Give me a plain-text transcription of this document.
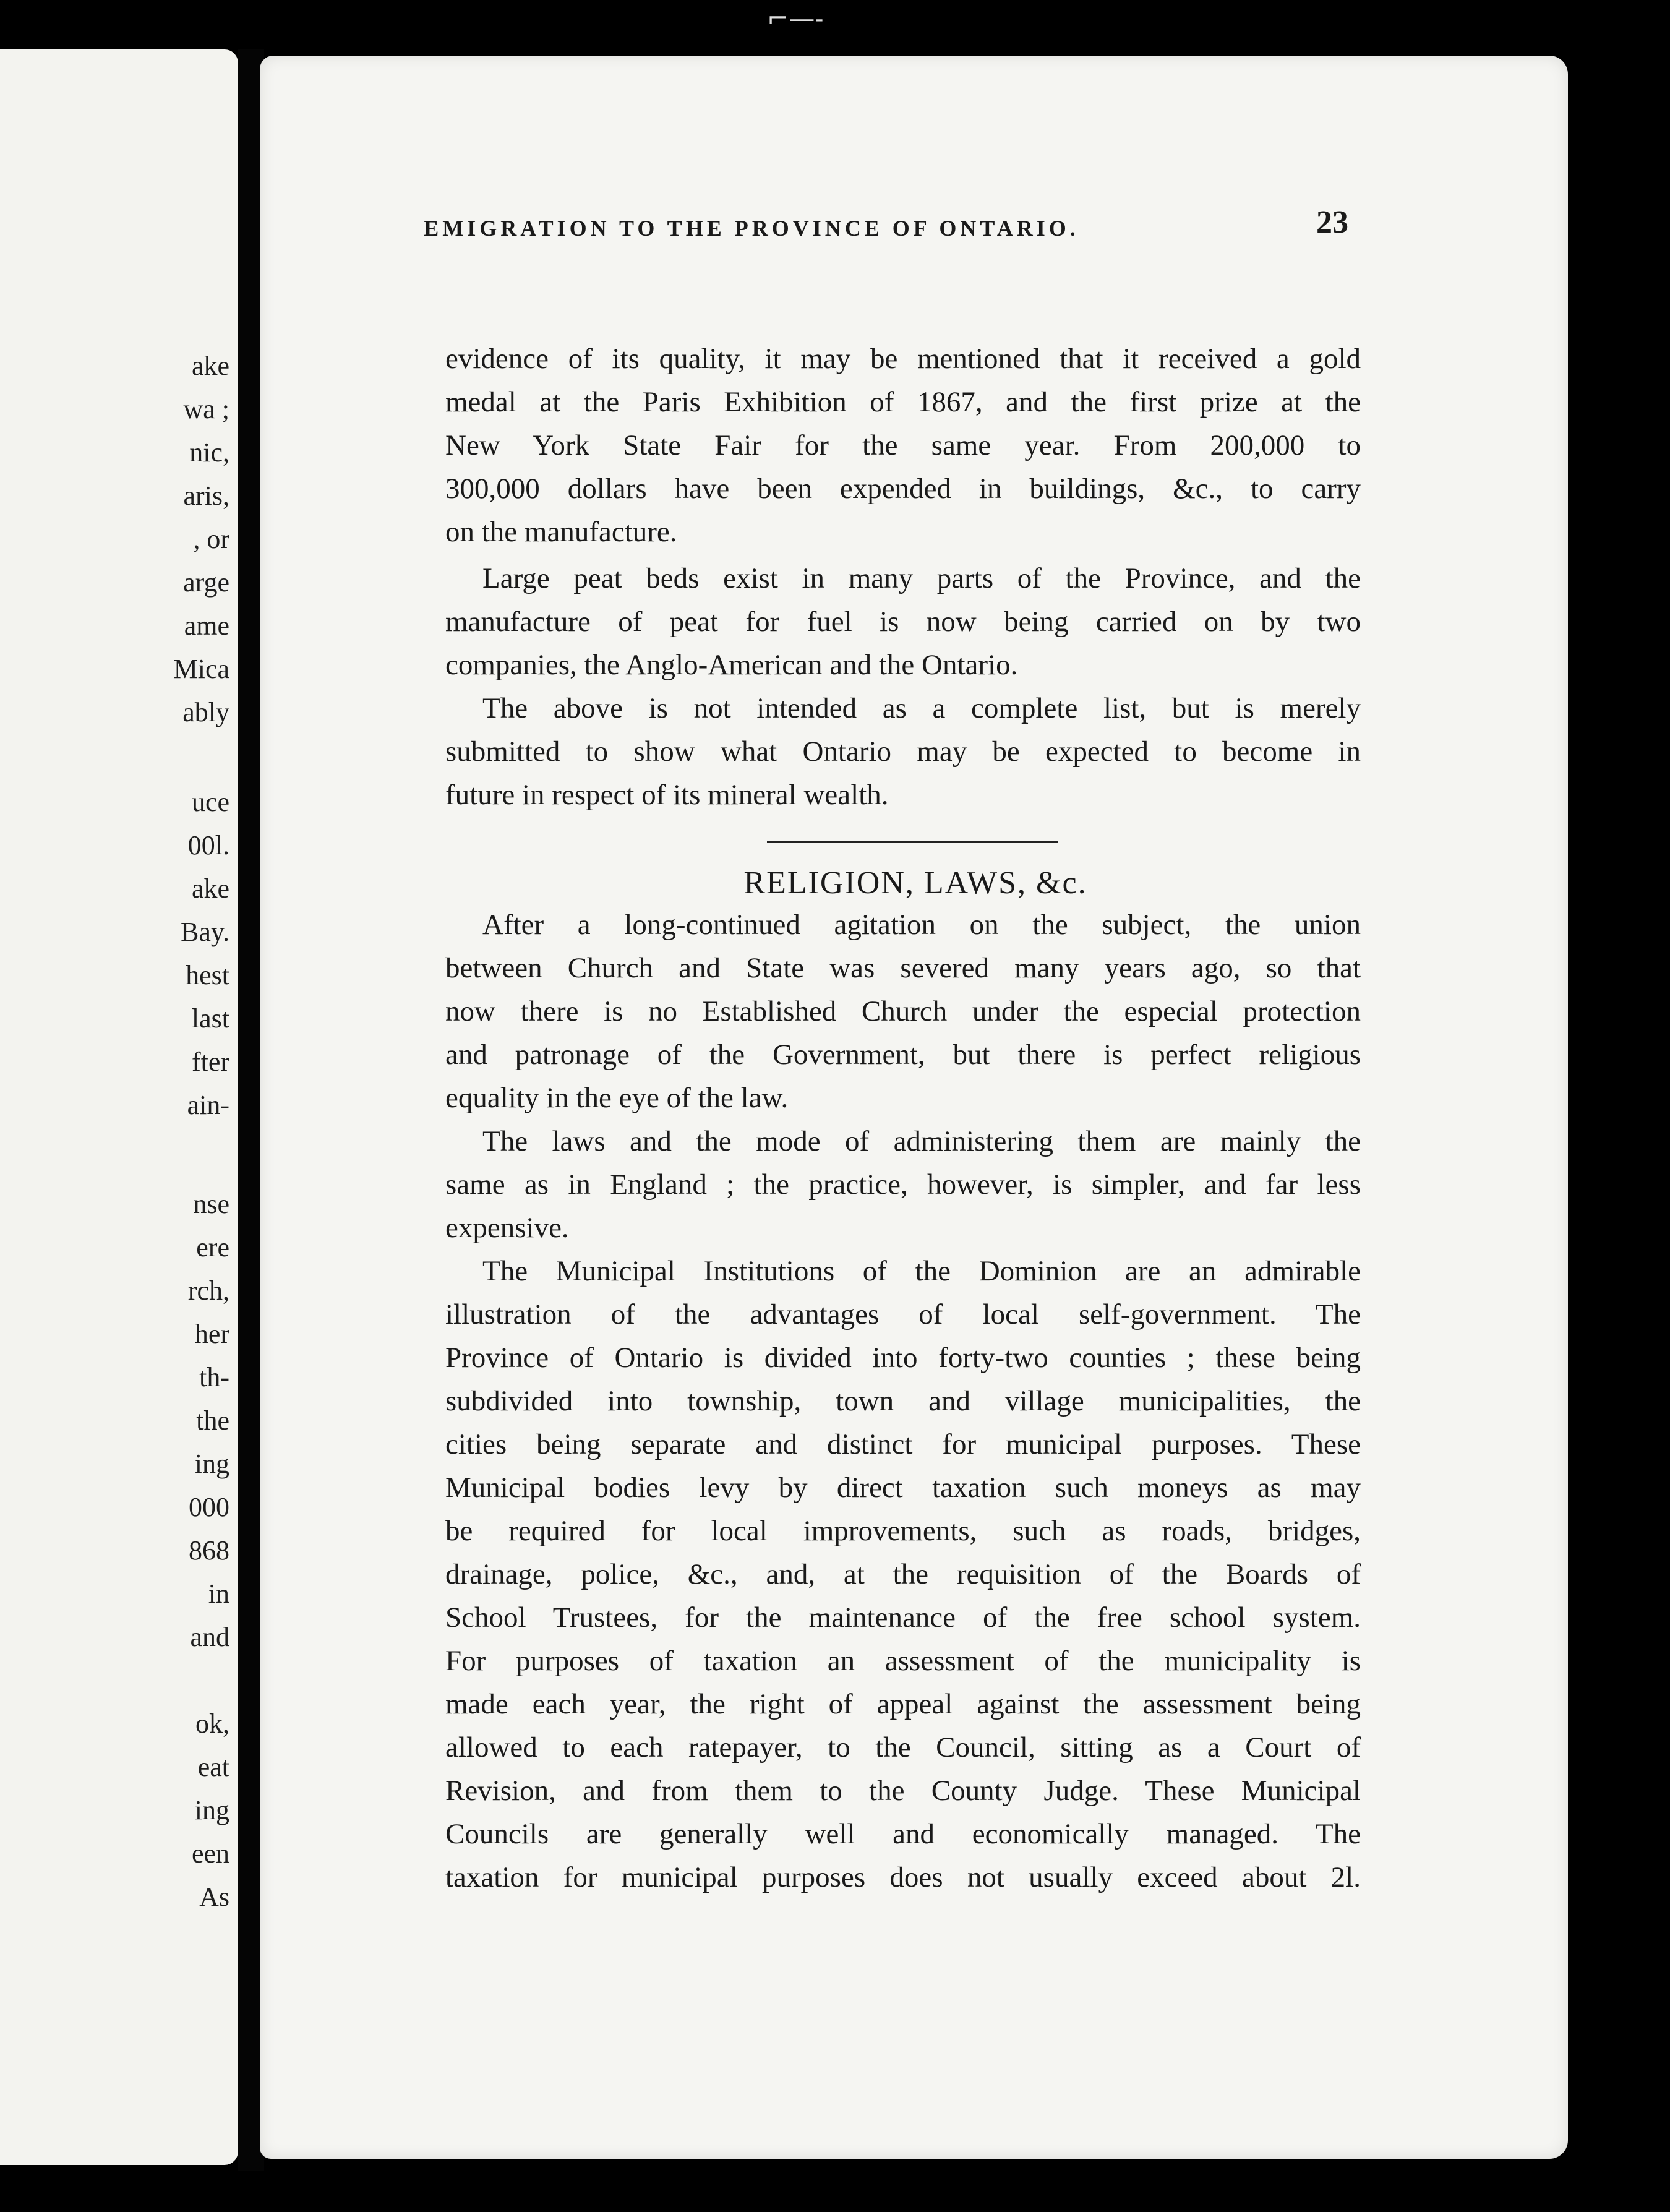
⌐—‑

ake

wa ;

nic,

aris,

, or

arge

ame

Mica

ably

uce

00l.

ake

Bay.

hest

last

fter

ain-

nse

ere

rch,

her

th-

the

ing

000

868

in

and

ok,

eat

ing

een

As

EMIGRATION TO THE PROVINCE OF ONTARIO.	23

evidence of its quality, it may be mentioned that it received a gold

medal at the Paris Exhibition of 1867, and the first prize at the

New York State Fair for the same year. From 200,000 to

300,000 dollars have been expended in buildings, &c., to carry

on the manufacture.

Large peat beds exist in many parts of the Province, and the

manufacture of peat for fuel is now being carried on by two

companies, the Anglo-American and the Ontario.

The above is not intended as a complete list, but is merely

submitted to show what Ontario may be expected to become in

future in respect of its mineral wealth.

RELIGION, LAWS, &c.

After a long-continued agitation on the subject, the union

between Church and State was severed many years ago, so that

now there is no Established Church under the especial protection

and patronage of the Government, but there is perfect religious

equality in the eye of the law.

The laws and the mode of administering them are mainly the

same as in England ; the practice, however, is simpler, and far less

expensive.

The Municipal Institutions of the Dominion are an admirable

illustration of the advantages of local self-government. The

Province of Ontario is divided into forty-two counties ; these being

subdivided into township, town and village municipalities, the

cities being separate and distinct for municipal purposes. These

Municipal bodies levy by direct taxation such moneys as may

be required for local improvements, such as roads, bridges,

drainage, police, &c., and, at the requisition of the Boards of

School Trustees, for the maintenance of the free school system.

For purposes of taxation an assessment of the municipality is

made each year, the right of appeal against the assessment being

allowed to each ratepayer, to the Council, sitting as a Court of

Revision, and from them to the County Judge. These Municipal

Councils are generally well and economically managed. The

taxation for municipal purposes does not usually exceed about 2l.
